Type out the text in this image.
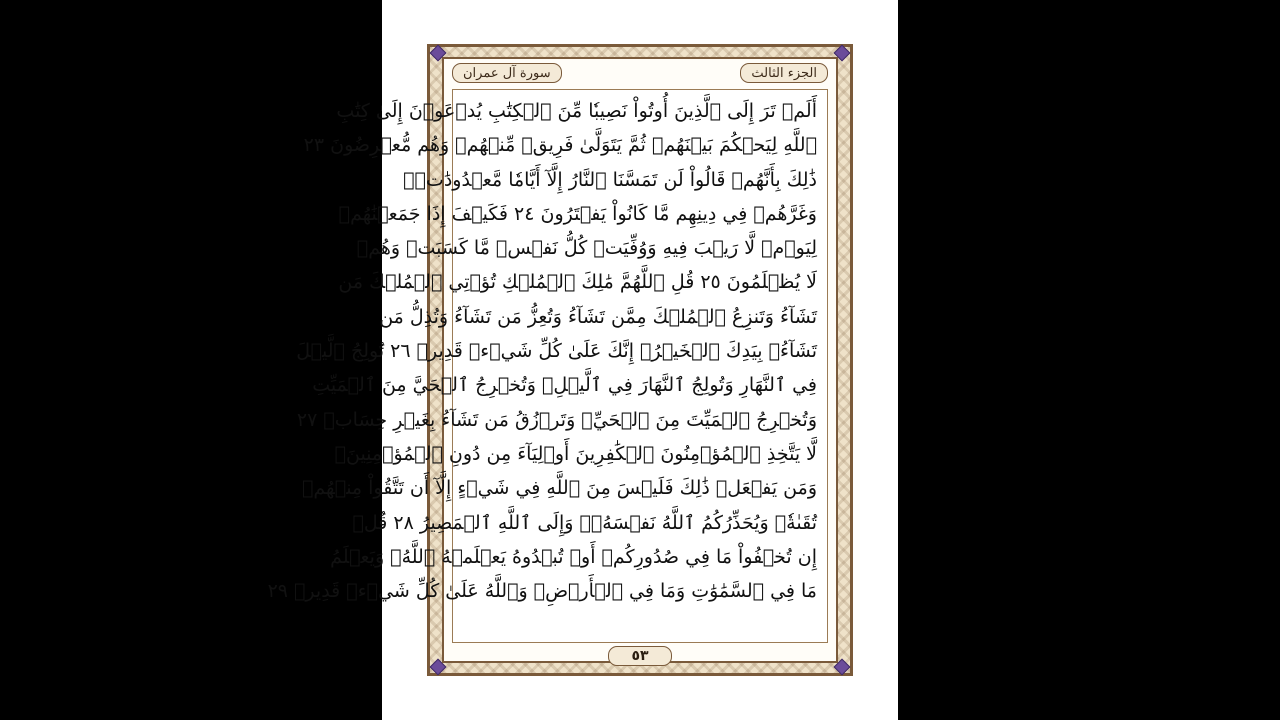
سورة آل عمران	الجزء الثالث
أَلَمۡ تَرَ إِلَى ٱلَّذِينَ أُوتُواْ نَصِيبٗا مِّنَ ٱلۡكِتَٰبِ يُدۡعَوۡنَ إِلَىٰ كِتَٰبِ
ٱللَّهِ لِيَحۡكُمَ بَيۡنَهُمۡ ثُمَّ يَتَوَلَّىٰ فَرِيقٞ مِّنۡهُمۡ وَهُم مُّعۡرِضُونَ ٢٣
ذَٰلِكَ بِأَنَّهُمۡ قَالُواْ لَن تَمَسَّنَا ٱلنَّارُ إِلَّآ أَيَّامٗا مَّعۡدُودَٰتٖۖ
وَغَرَّهُمۡ فِي دِينِهِم مَّا كَانُواْ يَفۡتَرُونَ ٢٤ فَكَيۡفَ إِذَا جَمَعۡنَٰهُمۡ
لِيَوۡمٖ لَّا رَيۡبَ فِيهِ وَوُفِّيَتۡ كُلُّ نَفۡسٖ مَّا كَسَبَتۡ وَهُمۡ
لَا يُظۡلَمُونَ ٢٥ قُلِ ٱللَّهُمَّ مَٰلِكَ ٱلۡمُلۡكِ تُؤۡتِي ٱلۡمُلۡكَ مَن
تَشَآءُ وَتَنزِعُ ٱلۡمُلۡكَ مِمَّن تَشَآءُ وَتُعِزُّ مَن تَشَآءُ وَتُذِلُّ مَن
تَشَآءُۖ بِيَدِكَ ٱلۡخَيۡرُۖ إِنَّكَ عَلَىٰ كُلِّ شَيۡءٖ قَدِيرٞ ٢٦ تُولِجُ ٱلَّيۡلَ
فِي ٱلنَّهَارِ وَتُولِجُ ٱلنَّهَارَ فِي ٱلَّيۡلِۖ وَتُخۡرِجُ ٱلۡحَيَّ مِنَ ٱلۡمَيِّتِ
وَتُخۡرِجُ ٱلۡمَيِّتَ مِنَ ٱلۡحَيِّۖ وَتَرۡزُقُ مَن تَشَآءُ بِغَيۡرِ حِسَابٖ ٢٧
لَّا يَتَّخِذِ ٱلۡمُؤۡمِنُونَ ٱلۡكَٰفِرِينَ أَوۡلِيَآءَ مِن دُونِ ٱلۡمُؤۡمِنِينَۖ
وَمَن يَفۡعَلۡ ذَٰلِكَ فَلَيۡسَ مِنَ ٱللَّهِ فِي شَيۡءٍ إِلَّآ أَن تَتَّقُواْ مِنۡهُمۡ
تُقَىٰةٗۗ وَيُحَذِّرُكُمُ ٱللَّهُ نَفۡسَهُۥۗ وَإِلَى ٱللَّهِ ٱلۡمَصِيرُ ٢٨ قُلۡ
إِن تُخۡفُواْ مَا فِي صُدُورِكُمۡ أَوۡ تُبۡدُوهُ يَعۡلَمۡهُ ٱللَّهُۗ وَيَعۡلَمُ
مَا فِي ٱلسَّمَٰوَٰتِ وَمَا فِي ٱلۡأَرۡضِۗ وَٱللَّهُ عَلَىٰ كُلِّ شَيۡءٖ قَدِيرٞ ٢٩
٥٣
